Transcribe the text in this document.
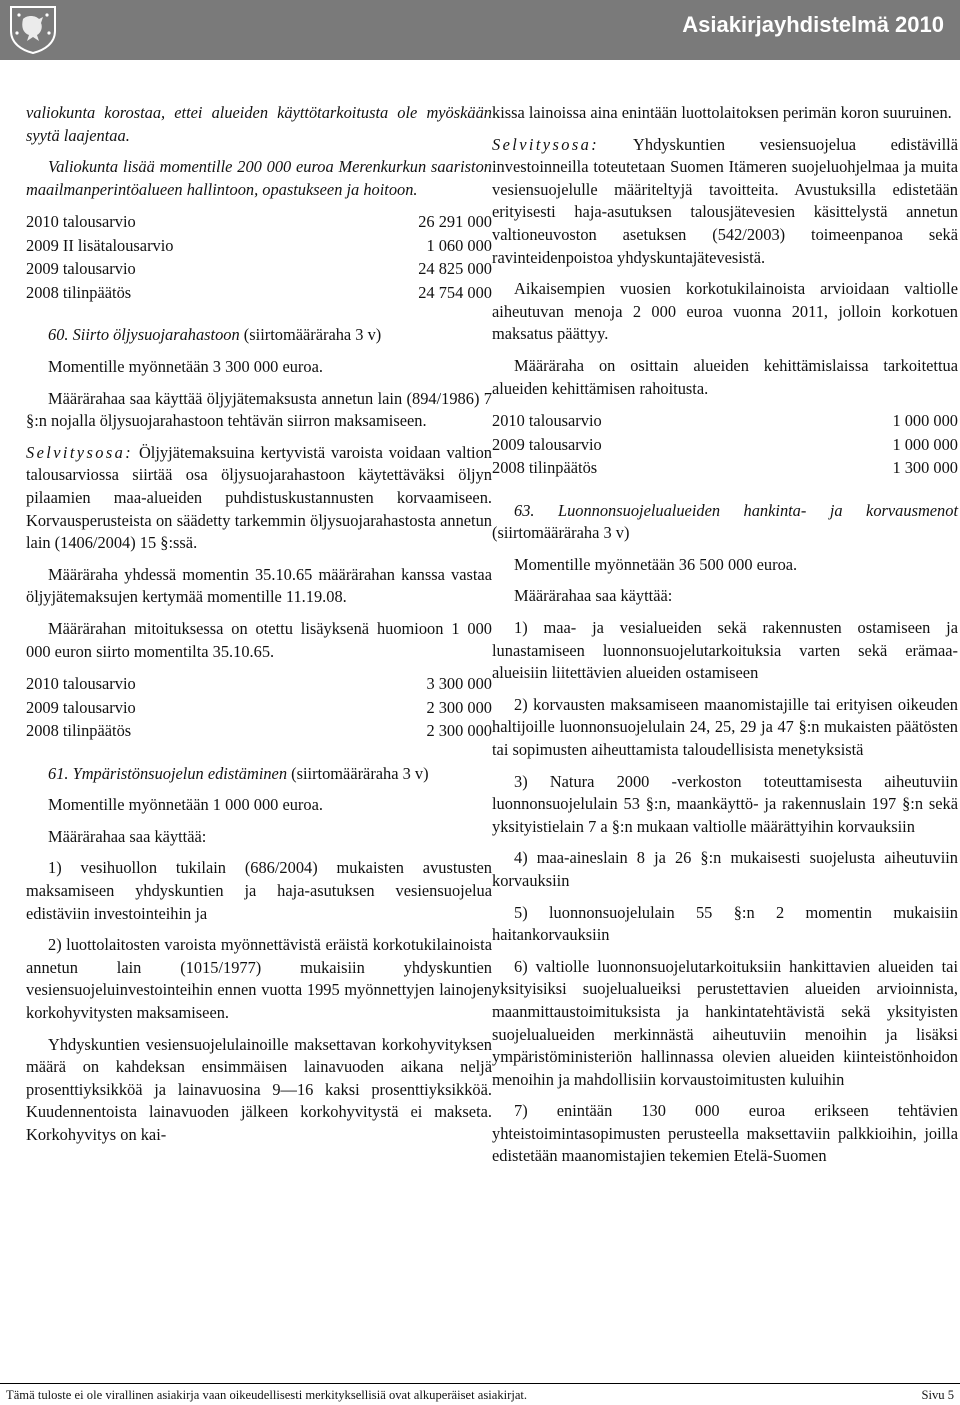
Asiakirjayhdistelmä 2010

valiokunta korostaa, ettei alueiden käyttötarkoitusta ole myöskään syytä laajentaa.

Valiokunta lisää momentille 200 000 euroa Merenkurkun saariston maailmanperintöalueen hallintoon, opastukseen ja hoitoon.

2010 talousarvio	26 291 000
2009 II lisätalousarvio	1 060 000
2009 talousarvio	24 825 000
2008 tilinpäätös	24 754 000

60. Siirto öljysuojarahastoon (siirtomääräraha 3 v)

Momentille myönnetään 3 300 000 euroa.

Määrärahaa saa käyttää öljyjätemaksusta annetun lain (894/1986) 7 §:n nojalla öljysuojarahastoon tehtävän siirron maksamiseen.

Selvitysosa: Öljyjätemaksuina kertyvistä varoista voidaan valtion talousarviossa siirtää osa öljysuojarahastoon käytettäväksi öljyn pilaamien maa-alueiden puhdistuskustannusten korvaamiseen. Korvausperusteista on säädetty tarkemmin öljysuojarahastosta annetun lain (1406/2004) 15 §:ssä.

Määräraha yhdessä momentin 35.10.65 määrärahan kanssa vastaa öljyjätemaksujen kertymää momentille 11.19.08.

Määrärahan mitoituksessa on otettu lisäyksenä huomioon 1 000 000 euron siirto momentilta 35.10.65.

2010 talousarvio	3 300 000
2009 talousarvio	2 300 000
2008 tilinpäätös	2 300 000

61. Ympäristönsuojelun edistäminen (siirtomääräraha 3 v)

Momentille myönnetään 1 000 000 euroa.

Määrärahaa saa käyttää:

1) vesihuollon tukilain (686/2004) mukaisten avustusten maksamiseen yhdyskuntien ja haja-asutuksen vesiensuojelua edistäviin investointeihin ja

2) luottolaitosten varoista myönnettävistä eräistä korkotukilainoista annetun lain (1015/1977) mukaisiin yhdyskuntien vesiensuojeluinvestointeihin ennen vuotta 1995 myönnettyjen lainojen korkohyvitysten maksamiseen.

Yhdyskuntien vesiensuojelulainoille maksettavan korkohyvityksen määrä on kahdeksan ensimmäisen lainavuoden aikana neljä prosenttiyksikköä ja lainavuosina 9—16 kaksi prosenttiyksikköä. Kuudennentoista lainavuoden jälkeen korkohyvitystä ei makseta. Korkohyvitys on kai-

kissa lainoissa aina enintään luottolaitoksen perimän koron suuruinen.

Selvitysosa: Yhdyskuntien vesiensuojelua edistävillä investoinneilla toteutetaan Suomen Itämeren suojeluohjelmaa ja muita vesiensuojelulle määriteltyjä tavoitteita. Avustuksilla edistetään erityisesti haja-asutuksen talousjätevesien käsittelystä annetun valtioneuvoston asetuksen (542/2003) toimeenpanoa sekä ravinteidenpoistoa yhdyskuntajätevesistä.

Aikaisempien vuosien korkotukilainoista arvioidaan valtiolle aiheutuvan menoja 2 000 euroa vuonna 2011, jolloin korkotuen maksatus päättyy.

Määräraha on osittain alueiden kehittämislaissa tarkoitettua alueiden kehittämisen rahoitusta.

2010 talousarvio	1 000 000
2009 talousarvio	1 000 000
2008 tilinpäätös	1 300 000

63. Luonnonsuojelualueiden hankinta- ja korvausmenot (siirtomääräraha 3 v)

Momentille myönnetään 36 500 000 euroa.

Määrärahaa saa käyttää:

1) maa- ja vesialueiden sekä rakennusten ostamiseen ja lunastamiseen luonnonsuojelutarkoituksia varten sekä erämaa-alueisiin liitettävien alueiden ostamiseen

2) korvausten maksamiseen maanomistajille tai erityisen oikeuden haltijoille luonnonsuojelulain 24, 25, 29 ja 47 §:n mukaisten päätösten tai sopimusten aiheuttamista taloudellisista menetyksistä

3) Natura 2000 -verkoston toteuttamisesta aiheutuviin luonnonsuojelulain 53 §:n, maankäyttö- ja rakennuslain 197 §:n sekä yksityistielain 7 a §:n mukaan valtiolle määrättyihin korvauksiin

4) maa-aineslain 8 ja 26 §:n mukaisesti suojelusta aiheutuviin korvauksiin

5) luonnonsuojelulain 55 §:n 2 momentin mukaisiin haitankorvauksiin

6) valtiolle luonnonsuojelutarkoituksiin hankittavien alueiden tai yksityisiksi suojelualueiksi perustettavien alueiden arvioinnista, maanmittaustoimituksista ja hankintatehtävistä sekä yksityisten suojelualueiden merkinnästä aiheutuviin menoihin ja lisäksi ympäristöministeriön hallinnassa olevien alueiden kiinteistönhoidon menoihin ja mahdollisiin korvaustoimitusten kuluihin

7) enintään 130 000 euroa erikseen tehtävien yhteistoimintasopimusten perusteella maksettaviin palkkioihin, joilla edistetään maanomistajien tekemien Etelä-Suomen

Tämä tuloste ei ole virallinen asiakirja vaan oikeudellisesti merkityksellisiä ovat alkuperäiset asiakirjat.	Sivu 5
